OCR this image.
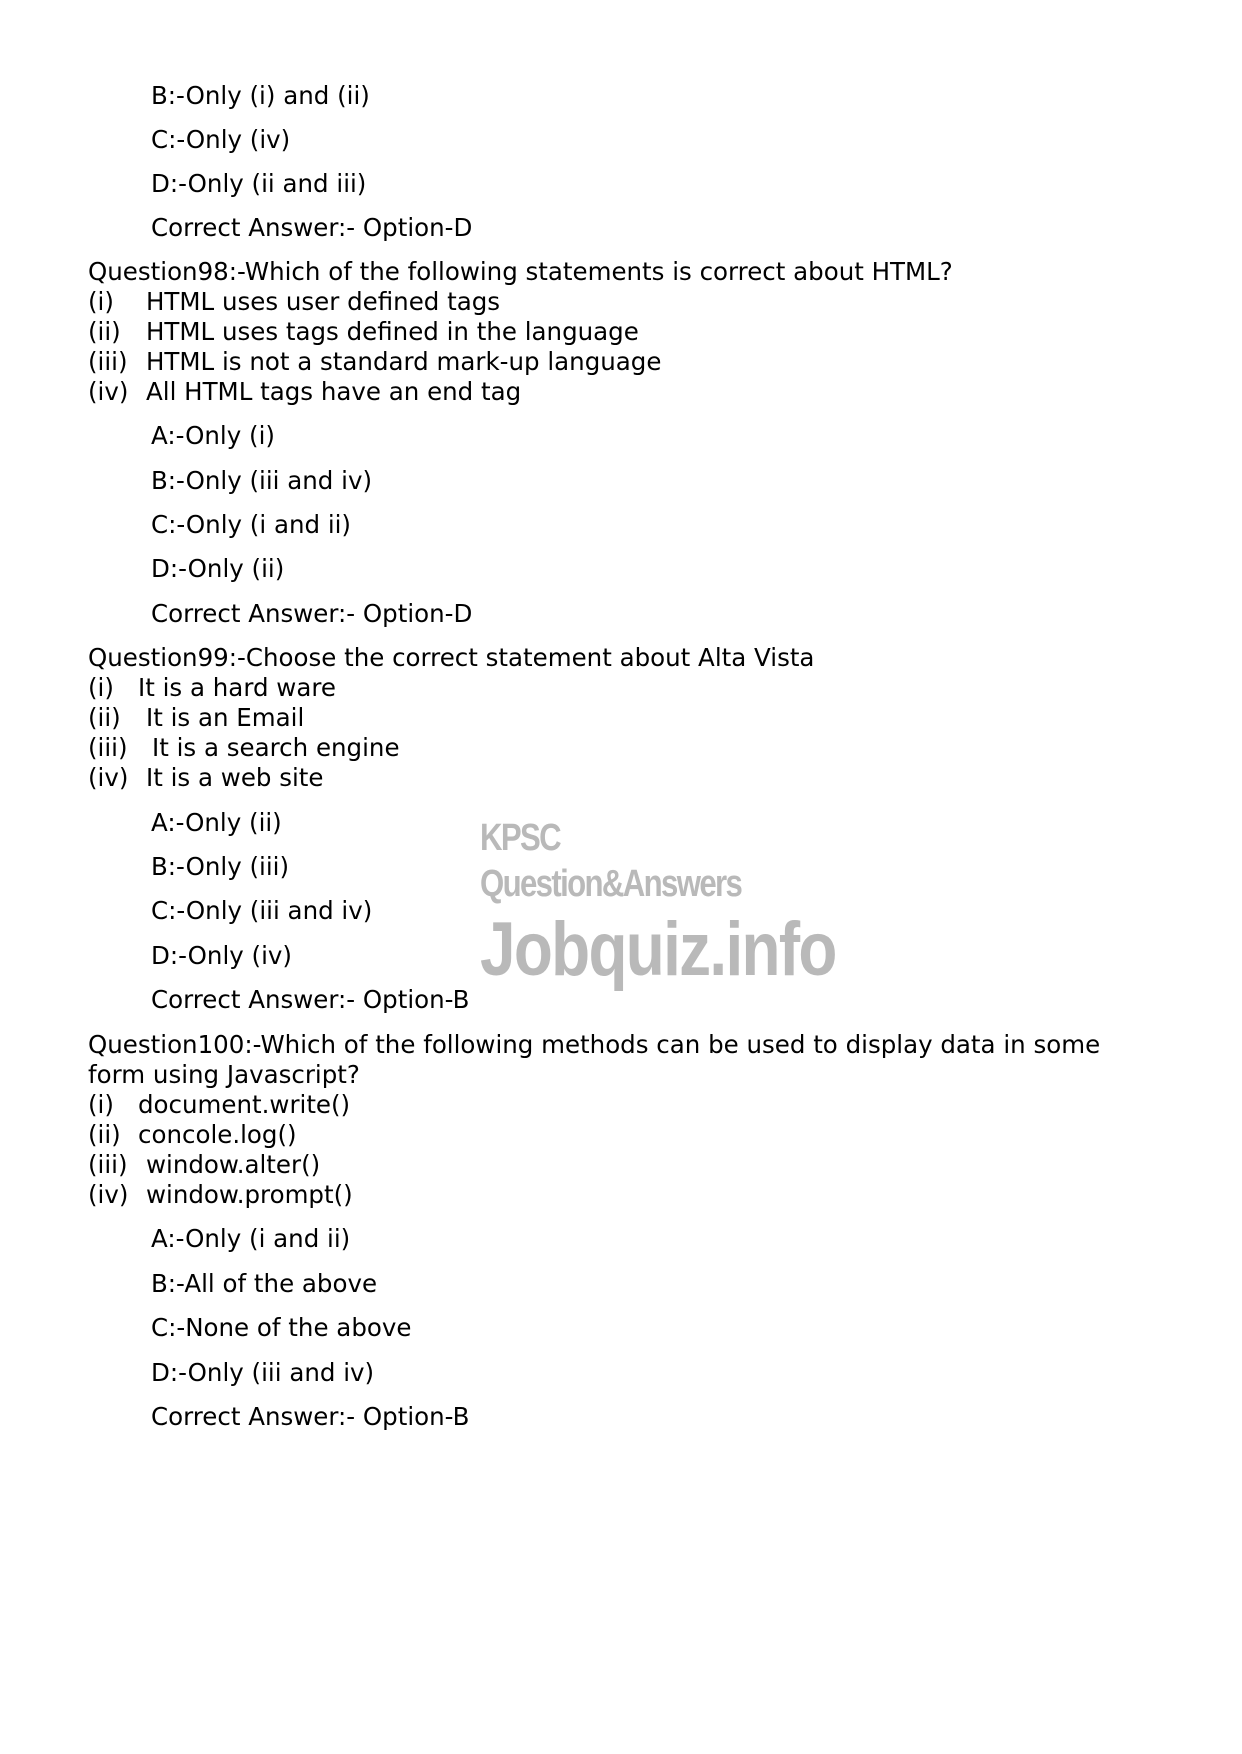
B:-Only (i) and (ii)
C:-Only (iv)
D:-Only (ii and iii)
Correct Answer:- Option-D
Question98:-Which of the following statements is correct about HTML?
(i) HTML uses user defined tags
(ii) HTML uses tags defined in the language
(iii) HTML is not a standard mark-up language
(iv) All HTML tags have an end tag
A:-Only (i)
B:-Only (iii and iv)
C:-Only (i and ii)
D:-Only (ii)
Correct Answer:- Option-D
Question99:-Choose the correct statement about Alta Vista
(i) It is a hard ware
(ii) It is an Email
(iii) It is a search engine
(iv) It is a web site
A:-Only (ii)
B:-Only (iii)
C:-Only (iii and iv)
D:-Only (iv)
Correct Answer:- Option-B
Question100:-Which of the following methods can be used to display data in some
form using Javascript?
(i) document.write()
(ii) concole.log()
(iii) window.alter()
(iv) window.prompt()
A:-Only (i and ii)
B:-All of the above
C:-None of the above
D:-Only (iii and iv)
Correct Answer:- Option-B
KPSC Question&Answers
Jobquiz.info
